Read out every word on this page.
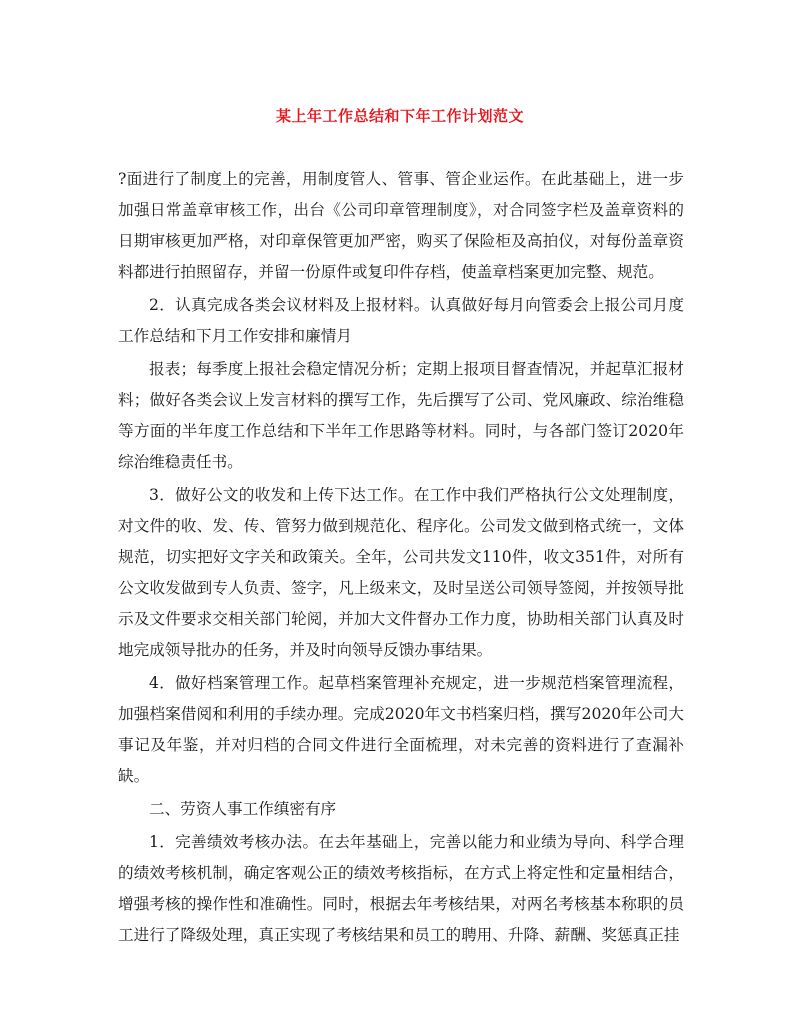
某上年工作总结和下年工作计划范文

?面进行了制度上的完善，用制度管人、管事、管企业运作。在此基础上，进一步加强日常盖章审核工作，出台《公司印章管理制度》，对合同签字栏及盖章资料的日期审核更加严格，对印章保管更加严密，购买了保险柜及高拍仪，对每份盖章资料都进行拍照留存，并留一份原件或复印件存档，使盖章档案更加完整、规范。

2．认真完成各类会议材料及上报材料。认真做好每月向管委会上报公司月度工作总结和下月工作安排和廉情月

报表；每季度上报社会稳定情况分析；定期上报项目督查情况，并起草汇报材料；做好各类会议上发言材料的撰写工作，先后撰写了公司、党风廉政、综治维稳等方面的半年度工作总结和下半年工作思路等材料。同时，与各部门签订2020年综治维稳责任书。

3．做好公文的收发和上传下达工作。在工作中我们严格执行公文处理制度，对文件的收、发、传、管努力做到规范化、程序化。公司发文做到格式统一，文体规范，切实把好文字关和政策关。全年，公司共发文110件，收文351件，对所有公文收发做到专人负责、签字，凡上级来文，及时呈送公司领导签阅，并按领导批示及文件要求交相关部门轮阅，并加大文件督办工作力度，协助相关部门认真及时地完成领导批办的任务，并及时向领导反馈办事结果。

4．做好档案管理工作。起草档案管理补充规定，进一步规范档案管理流程，加强档案借阅和利用的手续办理。完成2020年文书档案归档，撰写2020年公司大事记及年鉴，并对归档的合同文件进行全面梳理，对未完善的资料进行了查漏补缺。

二、劳资人事工作缜密有序

1．完善绩效考核办法。在去年基础上，完善以能力和业绩为导向、科学合理的绩效考核机制，确定客观公正的绩效考核指标，在方式上将定性和定量相结合，增强考核的操作性和准确性。同时，根据去年考核结果，对两名考核基本称职的员工进行了降级处理，真正实现了考核结果和员工的聘用、升降、薪酬、奖惩真正挂
